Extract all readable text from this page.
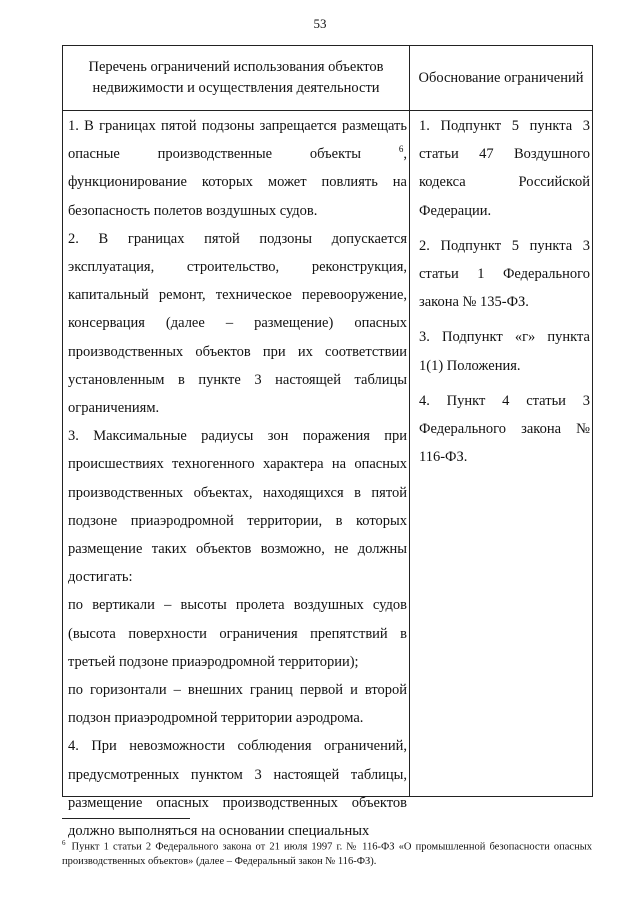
53
Перечень ограничений использования объектов недвижимости и осуществления деятельности
Обоснование ограничений

1. В границах пятой подзоны запрещается размещать опасные производственные объекты	$^6$, функционирование которых может повлиять на безопасность полетов воздушных судов.

2. В границах пятой подзоны допускается эксплуатация, строительство, реконструкция, капитальный ремонт, техническое перевооружение, консервация (далее – размещение) опасных производственных объектов при их соответствии установленным в пункте 3 настоящей таблицы ограничениям.

3. Максимальные радиусы зон поражения при происшествиях техногенного характера на опасных производственных объектах, находящихся в пятой подзоне приаэродромной территории, в которых размещение таких объектов возможно, не должны достигать:

по вертикали – высоты пролета воздушных судов (высота поверхности ограничения препятствий в третьей подзоне приаэродромной территории);

по горизонтали – внешних границ первой и второй подзон приаэродромной территории аэродрома.

4. При невозможности соблюдения ограничений, предусмотренных пунктом 3 настоящей таблицы, размещение опасных производственных объектов должно выполняться на основании специальных

1. Подпункт 5 пункта 3 статьи 47 Воздушного кодекса Российской Федерации.

2. Подпункт 5 пункта 3 статьи 1 Федерального закона № 135-ФЗ.

3. Подпункт «г» пункта 1(1) Положения.

4. Пункт 4 статьи 3 Федерального закона № 116-ФЗ.

$^6$ Пункт 1 статьи 2 Федерального закона от 21 июля 1997 г. № 116-ФЗ «О промышленной безопасности опасных производственных объектов» (далее – Федеральный закон № 116-ФЗ).
